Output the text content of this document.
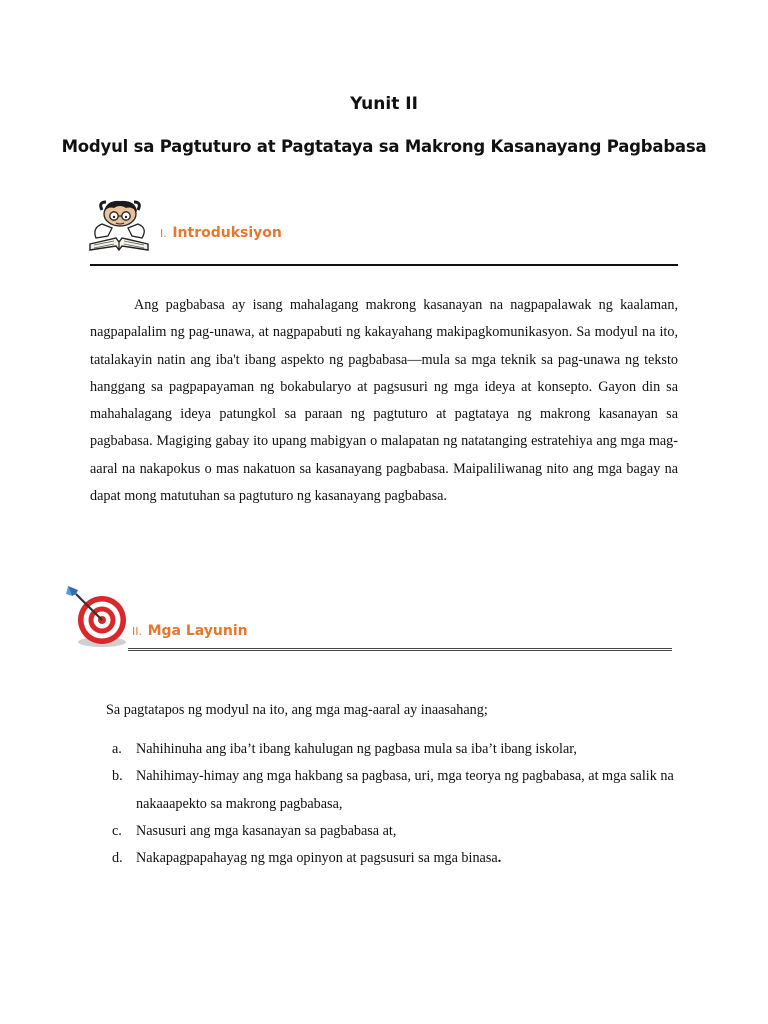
Yunit II
Modyul sa Pagtuturo at Pagtataya sa Makrong Kasanayang Pagbabasa
I. Introduksiyon

Ang pagbabasa ay isang mahalagang makrong kasanayan na nagpapalawak ng kaalaman, nagpapalalim ng pag-unawa, at nagpapabuti ng kakayahang makipagkomunikasyon. Sa modyul na ito, tatalakayin natin ang iba't ibang aspekto ng pagbabasa—mula sa mga teknik sa pag-unawa ng teksto hanggang sa pagpapayaman ng bokabularyo at pagsusuri ng mga ideya at konsepto. Gayon din sa mahahalagang ideya patungkol sa paraan ng pagtuturo at pagtataya ng makrong kasanayan sa pagbabasa. Magiging gabay ito upang mabigyan o malapatan ng natatanging estratehiya ang mga mag-aaral na nakapokus o mas nakatuon sa kasanayang pagbabasa. Maipaliliwanag nito ang mga bagay na dapat mong matutuhan sa pagtuturo ng kasanayang pagbabasa.

II. Mga Layunin

Sa pagtatapos ng modyul na ito, ang mga mag-aaral ay inaasahang;

a. Nahihinuha ang iba’t ibang kahulugan ng pagbasa mula sa iba’t ibang iskolar,
b. Nahihimay-himay ang mga hakbang sa pagbasa, uri, mga teorya ng pagbabasa, at mga salik na nakaaapekto sa makrong pagbabasa,
c. Nasusuri ang mga kasanayan sa pagbabasa at,
d. Nakapagpapahayag ng mga opinyon at pagsusuri sa mga binasa.
